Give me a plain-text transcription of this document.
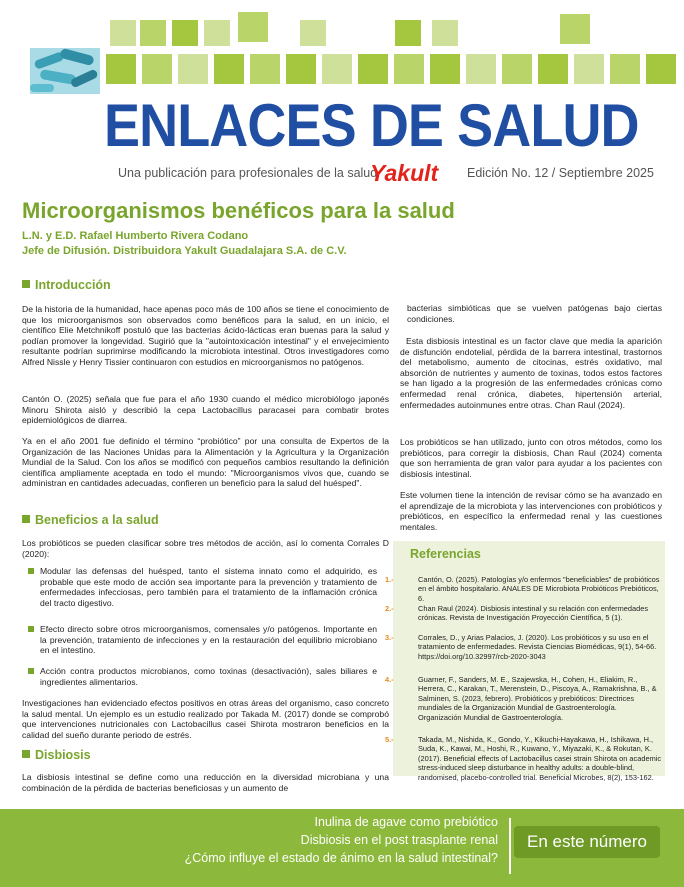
ENLACES DE SALUD
Una publicación para profesionales de la salud
Yakult Edición No. 12 / Septiembre 2025
Microorganismos benéficos para la salud
L.N. y E.D. Rafael Humberto Rivera Codano
Jefe de Difusión. Distribuidora Yakult Guadalajara S.A. de C.V.
Introducción

De la historia de la humanidad, hace apenas poco más de 100 años se tiene el conocimiento de que los microorganismos son observados como benéficos para la salud, en un inicio, el científico Elie Metchnikoff postuló que las bacterias ácido-lácticas eran buenas para la salud y podían promover la longevidad. Sugirió que la "autointoxicación intestinal" y el envejecimiento resultante podrían suprimirse modificando la microbiota intestinal. Otros investigadores como Alfred Nissle y Henry Tissier continuaron con estudios en microorganismos no patógenos.

Cantón O. (2025) señala que fue para el año 1930 cuando el médico microbiólogo japonés Minoru Shirota aisló y describió la cepa Lactobacillus paracasei para combatir brotes epidemiológicos de diarrea.

Ya en el año 2001 fue definido el término “probiótico” por una consulta de Expertos de la Organización de las Naciones Unidas para la Alimentación y la Agricultura y la Organización Mundial de la Salud. Con los años se modificó con pequeños cambios resultando la definición científica ampliamente aceptada en todo el mundo: "Microorganismos vivos que, cuando se administran en cantidades adecuadas, confieren un beneficio para la salud del huésped".

Beneficios a la salud

Los probióticos se pueden clasificar sobre tres métodos de acción, así lo comenta Corrales D (2020):

Modular las defensas del huésped, tanto el sistema innato como el adquirido, es probable que este modo de acción sea importante para la prevención y tratamiento de enfermedades infecciosas, pero también para el tratamiento de la inflamación crónica del tracto digestivo.
Efecto directo sobre otros microorganismos, comensales y/o patógenos. Importante en la prevención, tratamiento de infecciones y en la restauración del equilibrio microbiano en el intestino.
Acción contra productos microbianos, como toxinas (desactivación), sales biliares e ingredientes alimentarios.

Investigaciones han evidenciado efectos positivos en otras áreas del organismo, caso concreto la salud mental. Un ejemplo es un estudio realizado por Takada M. (2017) donde se comprobó que intervenciones nutricionales con Lactobacillus casei Shirota mostraron beneficios en la calidad del sueño durante periodo de estrés.

Disbiosis

La disbiosis intestinal se define como una reducción en la diversidad microbiana y una combinación de la pérdida de bacterias beneficiosas y un aumento de

bacterias simbióticas que se vuelven patógenas bajo ciertas condiciones.

Esta disbiosis intestinal es un factor clave que media la aparición de disfunción endotelial, pérdida de la barrera intestinal, trastornos del metabolismo, aumento de citocinas, estrés oxidativo, mal absorción de nutrientes y aumento de toxinas, todos estos factores se han ligado a la progresión de las enfermedades crónicas como enfermedad renal crónica, diabetes, hipertensión arterial, enfermedades autoinmunes entre otras. Chan Raul (2024).

Los probióticos se han utilizado, junto con otros métodos, como los prebióticos, para corregir la disbiosis, Chan Raul (2024) comenta que son herramienta de gran valor para ayudar a los pacientes con disbiosis intestinal.

Este volumen tiene la intención de revisar cómo se ha avanzado en el aprendizaje de la microbiota y las intervenciones con probióticos y prebióticos, en específico la enfermedad renal y las cuestiones mentales.

Referencias
1.-	Cantón, O. (2025). Patologías y/o enfermos "beneficiables" de probióticos en el ámbito hospitalario. ANALES DE Microbiota Probióticos Prebióticos, 6.

2.-	Chan Raul (2024). Disbiosis intestinal y su relación con enfermedades crónicas. Revista de Investigación Proyección Científica, 5 (1).

3.-	Corrales, D., y Arias Palacios, J. (2020). Los probióticos y su uso en el tratamiento de enfermedades. Revista Ciencias Biomédicas, 9(1), 54-66. https://doi.org/10.32997/rcb-2020-3043

4.-	Guarner, F., Sanders, M. E., Szajewska, H., Cohen, H., Eliakim, R., Herrera, C., Karakan, T., Merenstein, D., Piscoya, A., Ramakrishna, B., & Salminen, S. (2023, febrero). Probióticos y prebióticos: Directrices mundiales de la Organización Mundial de Gastroenterología. Organización Mundial de Gastroenterología.

5.-	Takada, M., Nishida, K., Gondo, Y., Kikuchi-Hayakawa, H., Ishikawa, H., Suda, K., Kawai, M., Hoshi, R., Kuwano, Y., Miyazaki, K., & Rokutan, K. (2017). Beneficial effects of Lactobacillus casei strain Shirota on academic stress-induced sleep disturbance in healthy adults: a double-blind, randomised, placebo-controlled trial. Beneficial Microbes, 8(2), 153-162.

Inulina de agave como prebiótico
Disbiosis en el post trasplante renal
¿Cómo influye el estado de ánimo en la salud intestinal?
En este número
